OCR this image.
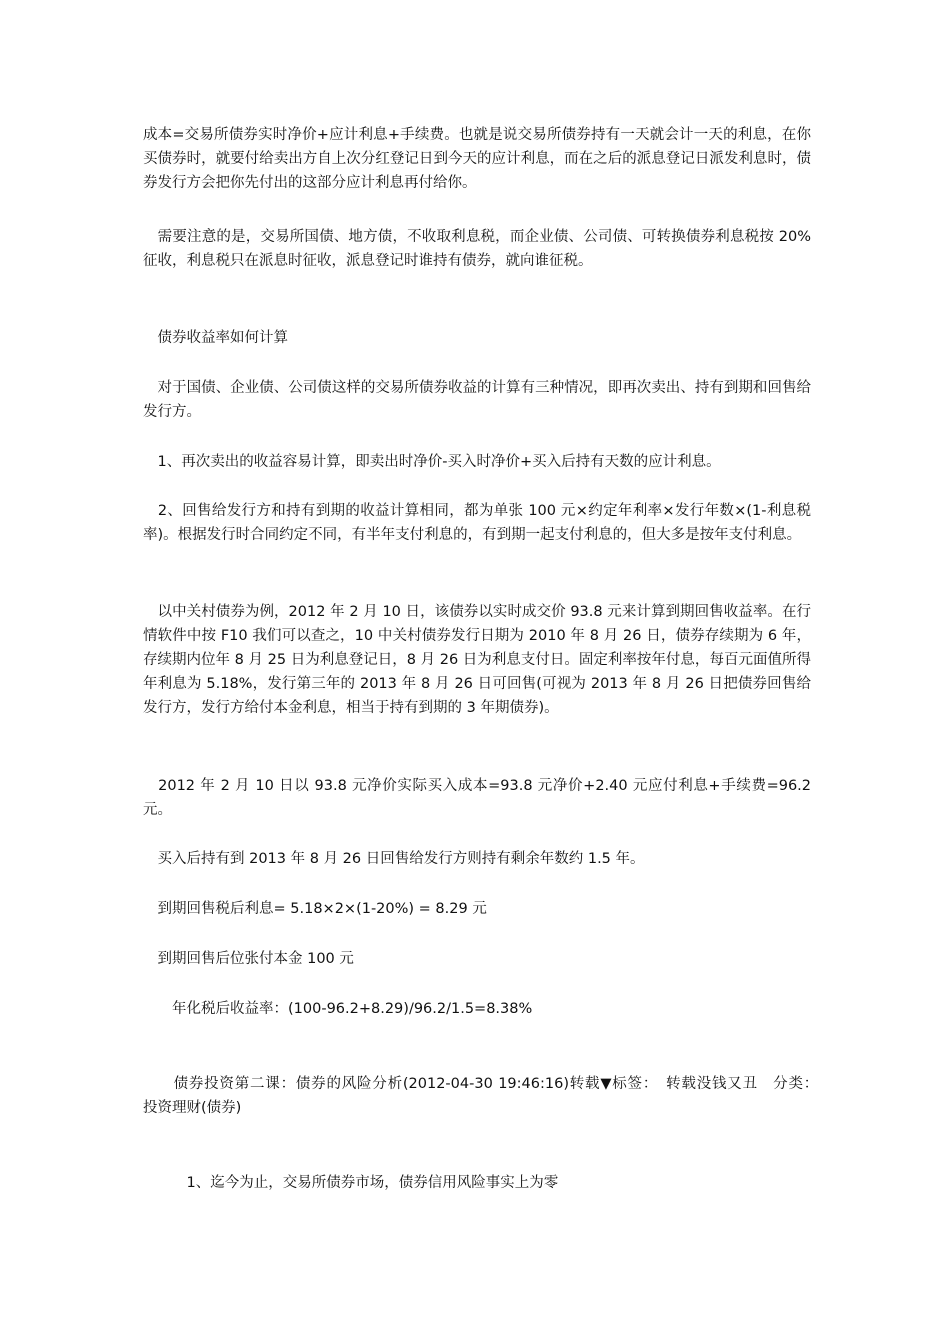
成本=交易所债券实时净价+应计利息+手续费。也就是说交易所债券持有一天就会计一天的利息，在你买债券时，就要付给卖出方自上次分红登记日到今天的应计利息，而在之后的派息登记日派发利息时，债券发行方会把你先付出的这部分应计利息再付给你。

　需要注意的是，交易所国债、地方债，不收取利息税，而企业债、公司债、可转换债券利息税按 20%征收，利息税只在派息时征收，派息登记时谁持有债券，就向谁征税。

　债券收益率如何计算

　对于国债、企业债、公司债这样的交易所债券收益的计算有三种情况，即再次卖出、持有到期和回售给发行方。

　1、再次卖出的收益容易计算，即卖出时净价-买入时净价+买入后持有天数的应计利息。

　2、回售给发行方和持有到期的收益计算相同，都为单张 100 元×约定年利率×发行年数×(1-利息税率)。根据发行时合同约定不同，有半年支付利息的，有到期一起支付利息的，但大多是按年支付利息。

　以中关村债券为例，2012 年 2 月 10 日，该债券以实时成交价 93.8 元来计算到期回售收益率。在行情软件中按 F10 我们可以查之，10 中关村债券发行日期为 2010 年 8 月 26 日，债券存续期为 6 年，存续期内位年 8 月 25 日为利息登记日，8 月 26 日为利息支付日。固定利率按年付息，每百元面值所得年利息为 5.18%，发行第三年的 2013 年 8 月 26 日可回售(可视为 2013 年 8 月 26 日把债券回售给发行方，发行方给付本金利息，相当于持有到期的 3 年期债券)。

　2012 年 2 月 10 日以 93.8 元净价实际买入成本=93.8 元净价+2.40 元应付利息+手续费=96.2 元。

　买入后持有到 2013 年 8 月 26 日回售给发行方则持有剩余年数约 1.5 年。

　到期回售税后利息= 5.18×2×(1-20%) = 8.29 元

　到期回售后位张付本金 100 元

　　年化税后收益率：(100-96.2+8.29)/96.2/1.5=8.38%

　　债券投资第二课：债券的风险分析(2012-04-30 19:46:16)转载▼标签：　转载没钱又丑　分类：　投资理财(债券)

　　　1、迄今为止，交易所债券市场，债券信用风险事实上为零
